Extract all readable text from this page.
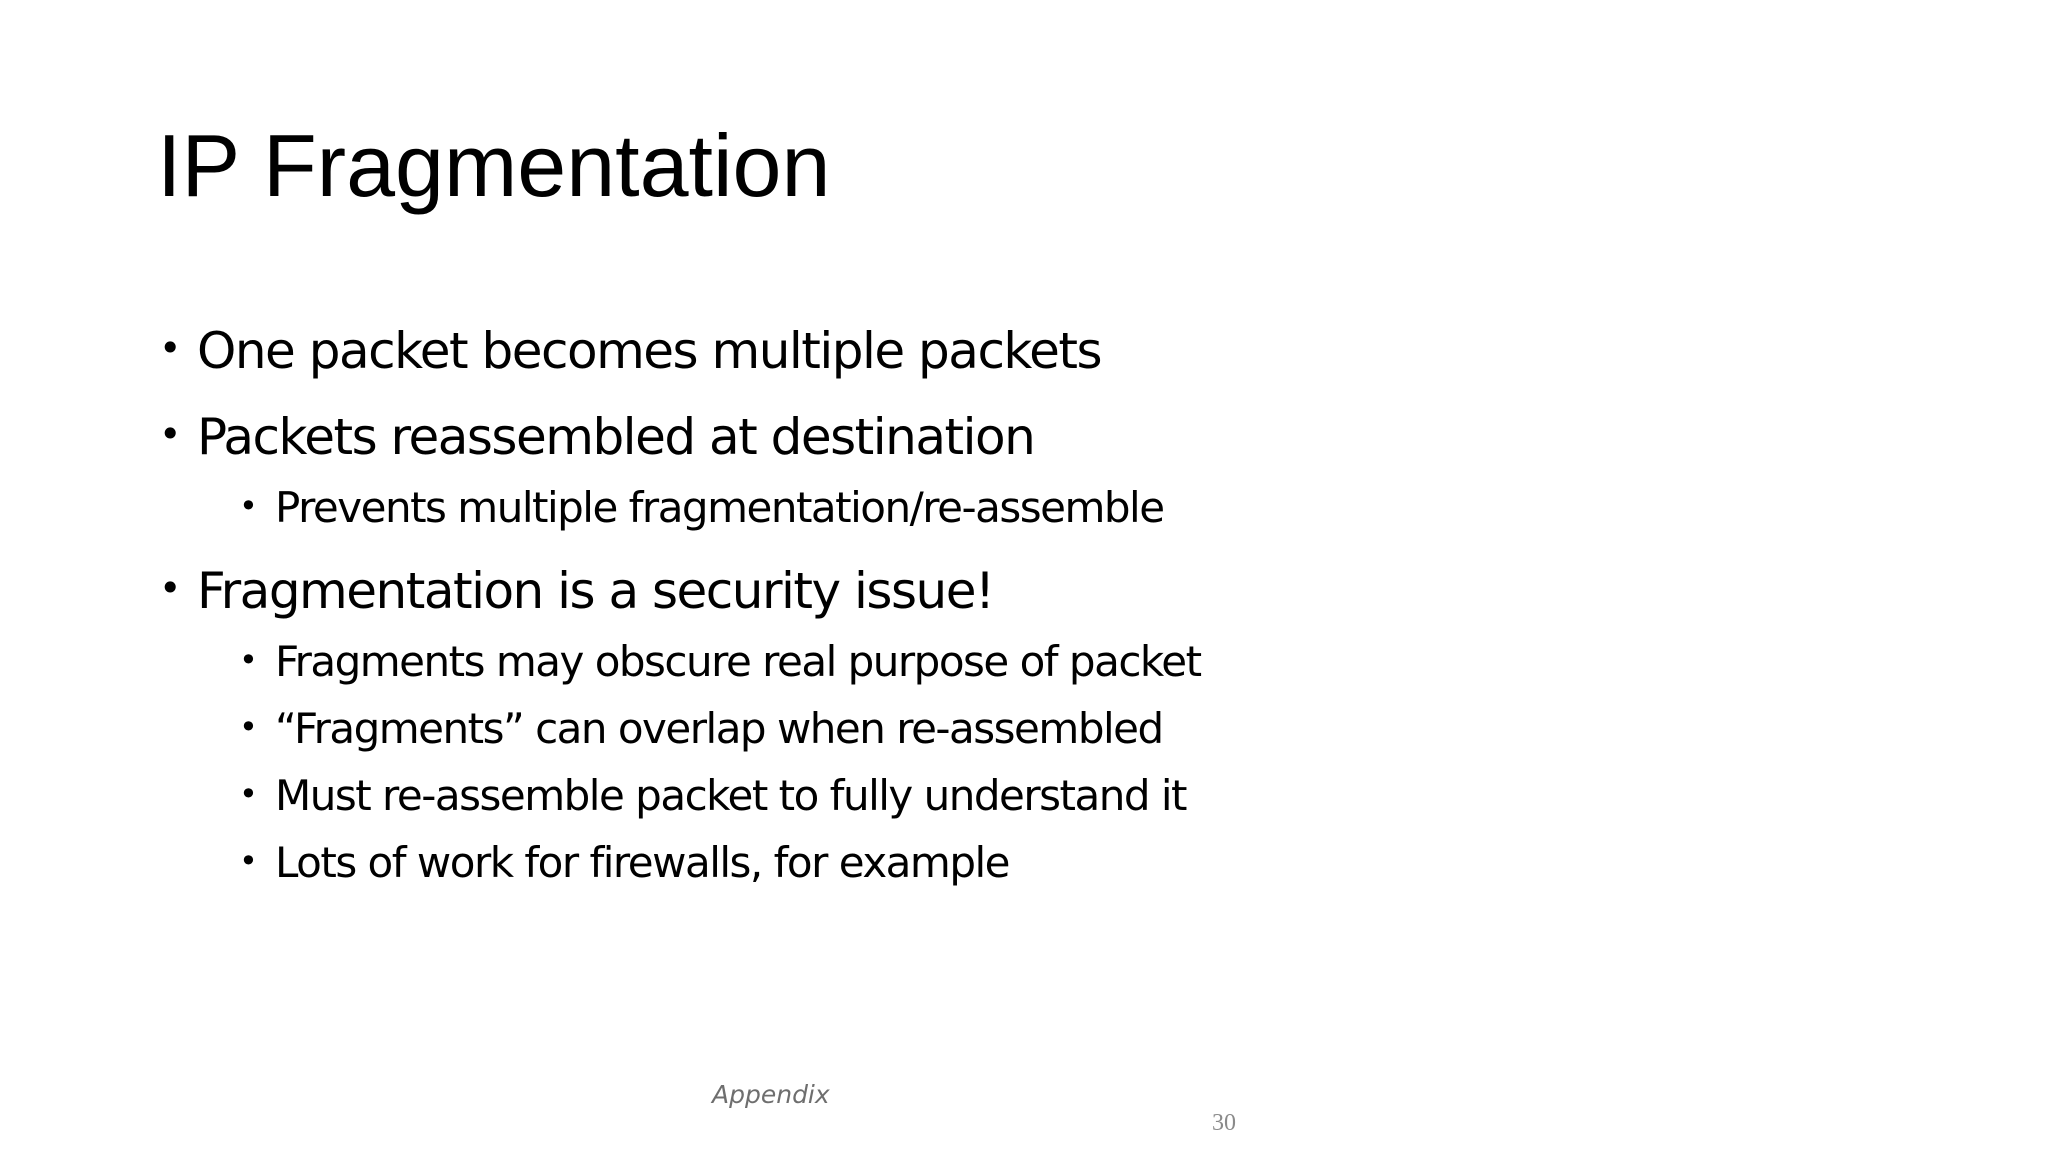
IP Fragmentation
• One packet becomes multiple packets
• Packets reassembled at destination
• Prevents multiple fragmentation/re-assemble
• Fragmentation is a security issue!
• Fragments may obscure real purpose of packet
• “Fragments” can overlap when re-assembled
• Must re-assemble packet to fully understand it
• Lots of work for firewalls, for example
Appendix
30
